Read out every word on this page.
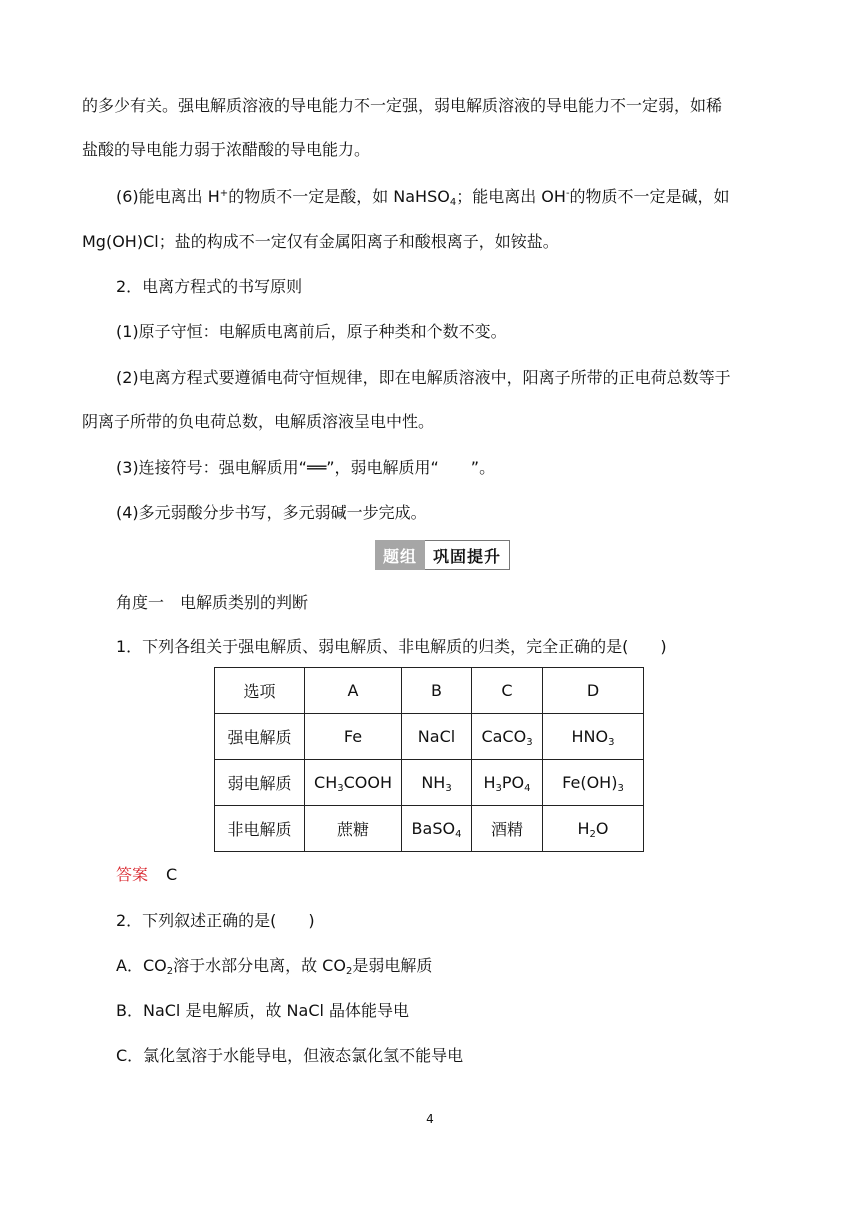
的多少有关。强电解质溶液的导电能力不一定强，弱电解质溶液的导电能力不一定弱，如稀
盐酸的导电能力弱于浓醋酸的导电能力。
(6)能电离出 H+的物质不一定是酸，如 NaHSO$_4$；能电离出 OH-的物质不一定是碱，如
Mg(OH)Cl；盐的构成不一定仅有金属阳离子和酸根离子，如铵盐。
2．电离方程式的书写原则
(1)原子守恒：电解质电离前后，原子种类和个数不变。
(2)电离方程式要遵循电荷守恒规律，即在电解质溶液中，阳离子所带的正电荷总数等于
阴离子所带的负电荷总数，电解质溶液呈电中性。
(3)连接符号：强电解质用“══”，弱电解质用“　　”。
(4)多元弱酸分步书写，多元弱碱一步完成。
题组	巩固提升
角度一　电解质类别的判断
1．下列各组关于强电解质、弱电解质、非电解质的归类，完全正确的是(　　)
选项	A	B	C	D
强电解质	Fe	NaCl	CaCO$_3$	$HNO_3$
弱电解质	$CH_3COOH$	$NH_3$	$H_3PO_4$	$Fe(OH)_3$
非电解质	蔗糖	BaSO$_4$	酒精	$H_2O$
答案 C
2．下列叙述正确的是(　　)
A．$CO_2$溶于水部分电离，故 $CO_2$是弱电解质
B．NaCl 是电解质，故 NaCl 晶体能导电
C．氯化氢溶于水能导电，但液态氯化氢不能导电
4
